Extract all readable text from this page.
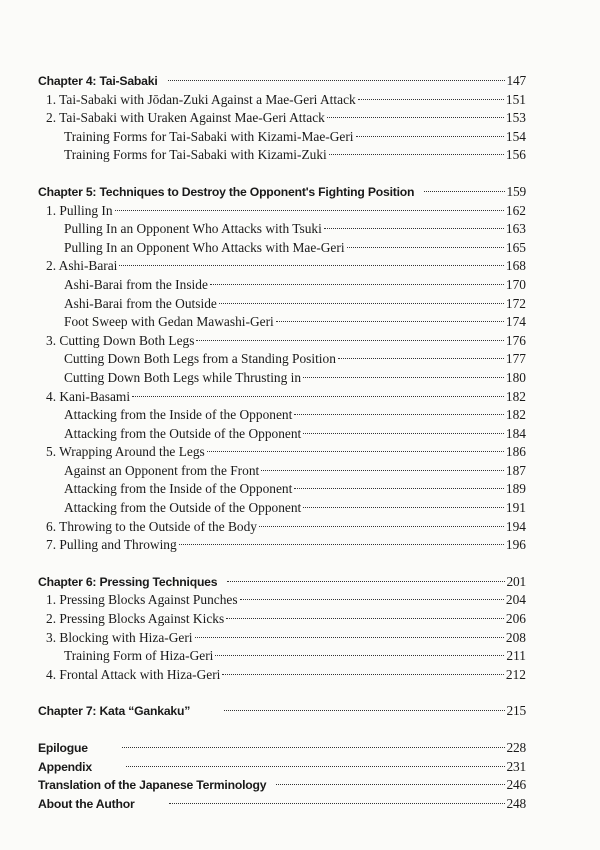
Chapter 4: Tai-Sabaki	147
1. Tai-Sabaki with Jōdan-Zuki Against a Mae-Geri Attack	151
2. Tai-Sabaki with Uraken Against Mae-Geri Attack	153
Training Forms for Tai-Sabaki with Kizami-Mae-Geri	154
Training Forms for Tai-Sabaki with Kizami-Zuki	156
Chapter 5: Techniques to Destroy the Opponent's Fighting Position	159
1. Pulling In	162
Pulling In an Opponent Who Attacks with Tsuki	163
Pulling In an Opponent Who Attacks with Mae-Geri	165
2. Ashi-Barai	168
Ashi-Barai from the Inside	170
Ashi-Barai from the Outside	172
Foot Sweep with Gedan Mawashi-Geri	174
3. Cutting Down Both Legs	176
Cutting Down Both Legs from a Standing Position	177
Cutting Down Both Legs while Thrusting in	180
4. Kani-Basami	182
Attacking from the Inside of the Opponent	182
Attacking from the Outside of the Opponent	184
5. Wrapping Around the Legs	186
Against an Opponent from the Front	187
Attacking from the Inside of the Opponent	189
Attacking from the Outside of the Opponent	191
6. Throwing to the Outside of the Body	194
7. Pulling and Throwing	196
Chapter 6: Pressing Techniques	201
1. Pressing Blocks Against Punches	204
2. Pressing Blocks Against Kicks	206
3. Blocking with Hiza-Geri	208
Training Form of Hiza-Geri	211
4. Frontal Attack with Hiza-Geri	212
Chapter 7: Kata “Gankaku”	215
Epilogue	228
Appendix	231
Translation of the Japanese Terminology	246
About the Author	248
